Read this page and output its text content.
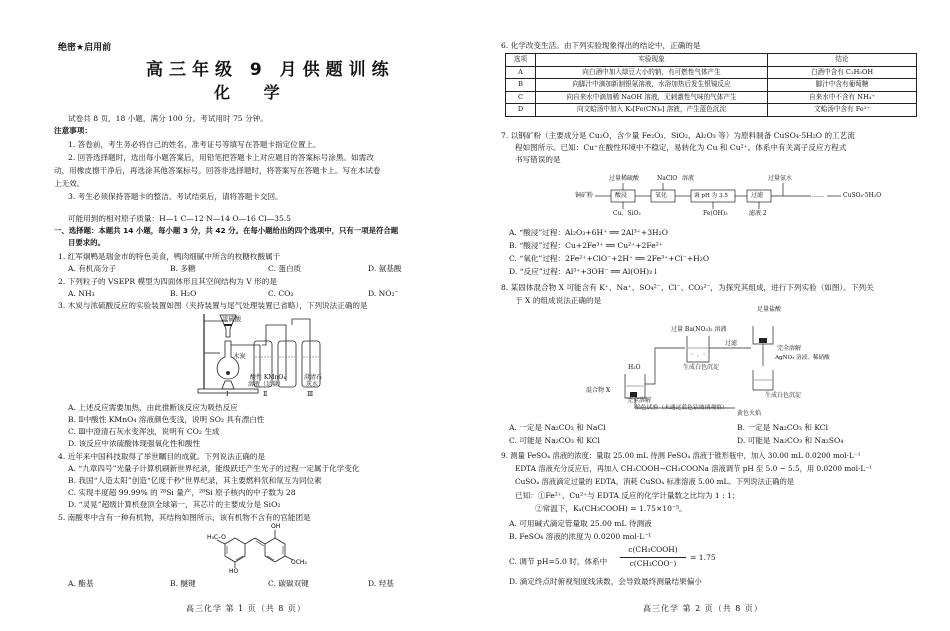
绝密★启用前
高三年级 9 月供题训练
化 学
试卷共 8 页，18 小题，满分 100 分。考试用时 75 分钟。
注意事项：
1. 答卷前，考生务必将自己的姓名、准考证号等填写在答题卡指定位置上。
2. 回答选择题时，选出每小题答案后，用铅笔把答题卡上对应题目的答案标号涂黑。如需改
动，用橡皮擦干净后，再选涂其他答案标号。回答非选择题时，将答案写在答题卡上。写在本试卷
上无效。
3. 考生必须保持答题卡的整洁。考试结束后，请将答题卡交回。
可能用到的相对原子质量：H—1 C—12 N—14 O—16 Cl—35.5
一、选择题：本题共 14 小题，每小题 3 分，共 42 分。在每小题给出的四个选项中，只有一项是符合题
目要求的。
1. 红军炯鸭是瑞金市的特色美食，鸭肉细腻中所含的枚糖枚酸属于
A. 有机高分子	B. 多糖	C. 蛋白质	D. 氨基酸
2. 下列粒子的 VSEPR 模型为四面体形且其空间结构为 V 形的是
A. NH₃	B. H₂O	C. CO₂	D. NO₂⁻
3. 木炭与浓硫酸反应的实验装置如图（夹持装置与尾气处理装置已省略），下列说法正确的是
浓硫酸
木炭
酸性 KMnO₄
溶液（足量）
澄清石
灰水
Ⅰ	Ⅱ	Ⅲ
A. 上述反应需要加热，由此推断该反应为吸热反应
B. Ⅱ中酸性 KMnO₄ 溶液颜色变浅，说明 SO₂ 具有漂白性
C. Ⅲ中澄清石灰水变浑浊，说明有 CO₂ 生成
D. 该反应中浓硫酸体现强氧化性和酸性
4. 近年来中国科技取得了举世瞩目的成就。下列说法正确的是
A. “九章四号”光量子计算机刷新世界纪录，能级跃迁产生光子的过程一定属于化学变化
B. 我国“人造太阳”创造“亿度千秒”世界纪录，其主要燃料氘和氚互为同位素
C. 实现丰度超 99.99% 的 ²⁸Si 量产，²⁸Si 原子核内的中子数为 28
D. “灵晃”超级计算机登顶全球第一，其芯片的主要成分是 SiO₂
5. 南酸枣中含有一种有机物，其结构如图所示，该有机物不含有的官能团是
H₃C–O
HO
OH
OCH₃
A. 酯基	B. 醚键	C. 碳碳双键	D. 羟基
高三化学 第 1 页（共 8 页）
6. 化学改变生活。由下列实验现象得出的结论中，正确的是
选项	实验现象	结论
A	向白酒中加入绿豆大小的钠，有可燃性气体产生	白酒中含有 C₂H₅OH
B	向脚汁中滴加新制银氨溶液，水浴加热后发生银镜反应	脚汁中含有葡萄糖
C	向自来水中滴加稀 NaOH 溶液，无刺激性气味的气体产生	自来水中不含有 NH₄⁺
D	向文蛤汤中加入 K₃[Fe(CN)₆] 溶液，产生蓝色沉淀	文蛤汤中含有 Fe²⁺
7. 以钢矿粉（主要成分是 Cu₂O，含少量 Fe₂O₃、SiO₂、Al₂O₃ 等）为原料制备 CuSO₄·5H₂O 的工艺流
程如图所示。已知：Cu⁺在酸性环境中不稳定，易转化为 Cu 和 Cu²⁺。体系中有关离子反应方程式
书写错误的是
铜矿粉
过量稀硫酸	NaClO 溶液	过量氨水
酸浸	氧化	调 pH 为 3.5	过滤	……	CuSO₄·5H₂O
Cu、SiO₂	Fe(OH)₃	滤液 2
A. “酸浸”过程：Al₂O₃+6H⁺ ══ 2Al³⁺+3H₂O
B. “酸浸”过程：Cu+2Fe³⁺ ══ Cu²⁺+2Fe²⁺
C. “氧化”过程：2Fe²⁺+ClO⁻+2H⁺ ══ 2Fe³⁺+Cl⁻+H₂O
D. “反应”过程：Al³⁺+3OH⁻ ══ Al(OH)₃↓
8. 某固体混合物 X 可能含有 K⁺、Na⁺、SO₄²⁻、Cl⁻、CO₃²⁻，为探究其组成，进行下列实验（如图）。下列关
于 X 的组成说法正确的是
H₂O
混合物 X
完全溶解
过量 Ba(NO₃)₂ 溶液
生成白色沉淀
过滤
足量盐酸
完全溶解
AgNO₃ 溶液、稀硝酸
生成白色沉淀
焰色试验（未通过蓝色钴玻璃观察）
黄色火焰
A. 一定是 Na₂CO₃ 和 NaCl	B. 一定是 Na₂CO₃ 和 KCl
C. 可能是 Na₂CO₃ 和 KCl	D. 可能是 Na₂CO₃ 和 Na₂SO₄
9. 测量 FeSO₄ 溶液的浓度：量取 25.00 mL 待测 FeSO₄ 溶液于锥形瓶中，加入 30.00 mL 0.0200 mol·L⁻¹
EDTA 溶液充分反应后，再加入 CH₃COOH−CH₃COONa 溶液调节 pH 至 5.0 ~ 5.5，用 0.0200 mol·L⁻¹
CuSO₄ 溶液滴定过量的 EDTA，消耗 CuSO₄ 标准溶液 5.00 mL。下列说法正确的是
已知：①Fe²⁺、Cu²⁺与 EDTA 反应的化学计量数之比均为 1 : 1；
②常温下，Kₐ(CH₃COOH) = 1.75×10⁻⁵。
A. 可用碱式滴定管量取 25.00 mL 待测液
B. FeSO₄ 溶液的浓度为 0.0200 mol·L⁻¹
C. 调节 pH=5.0 时，体系中
c(CH₃COOH)
c(CH₃COO⁻)
= 1.75
D. 滴定终点时俯视刻度线读数，会导致最终测量结果偏小
高三化学 第 2 页（共 8 页）
